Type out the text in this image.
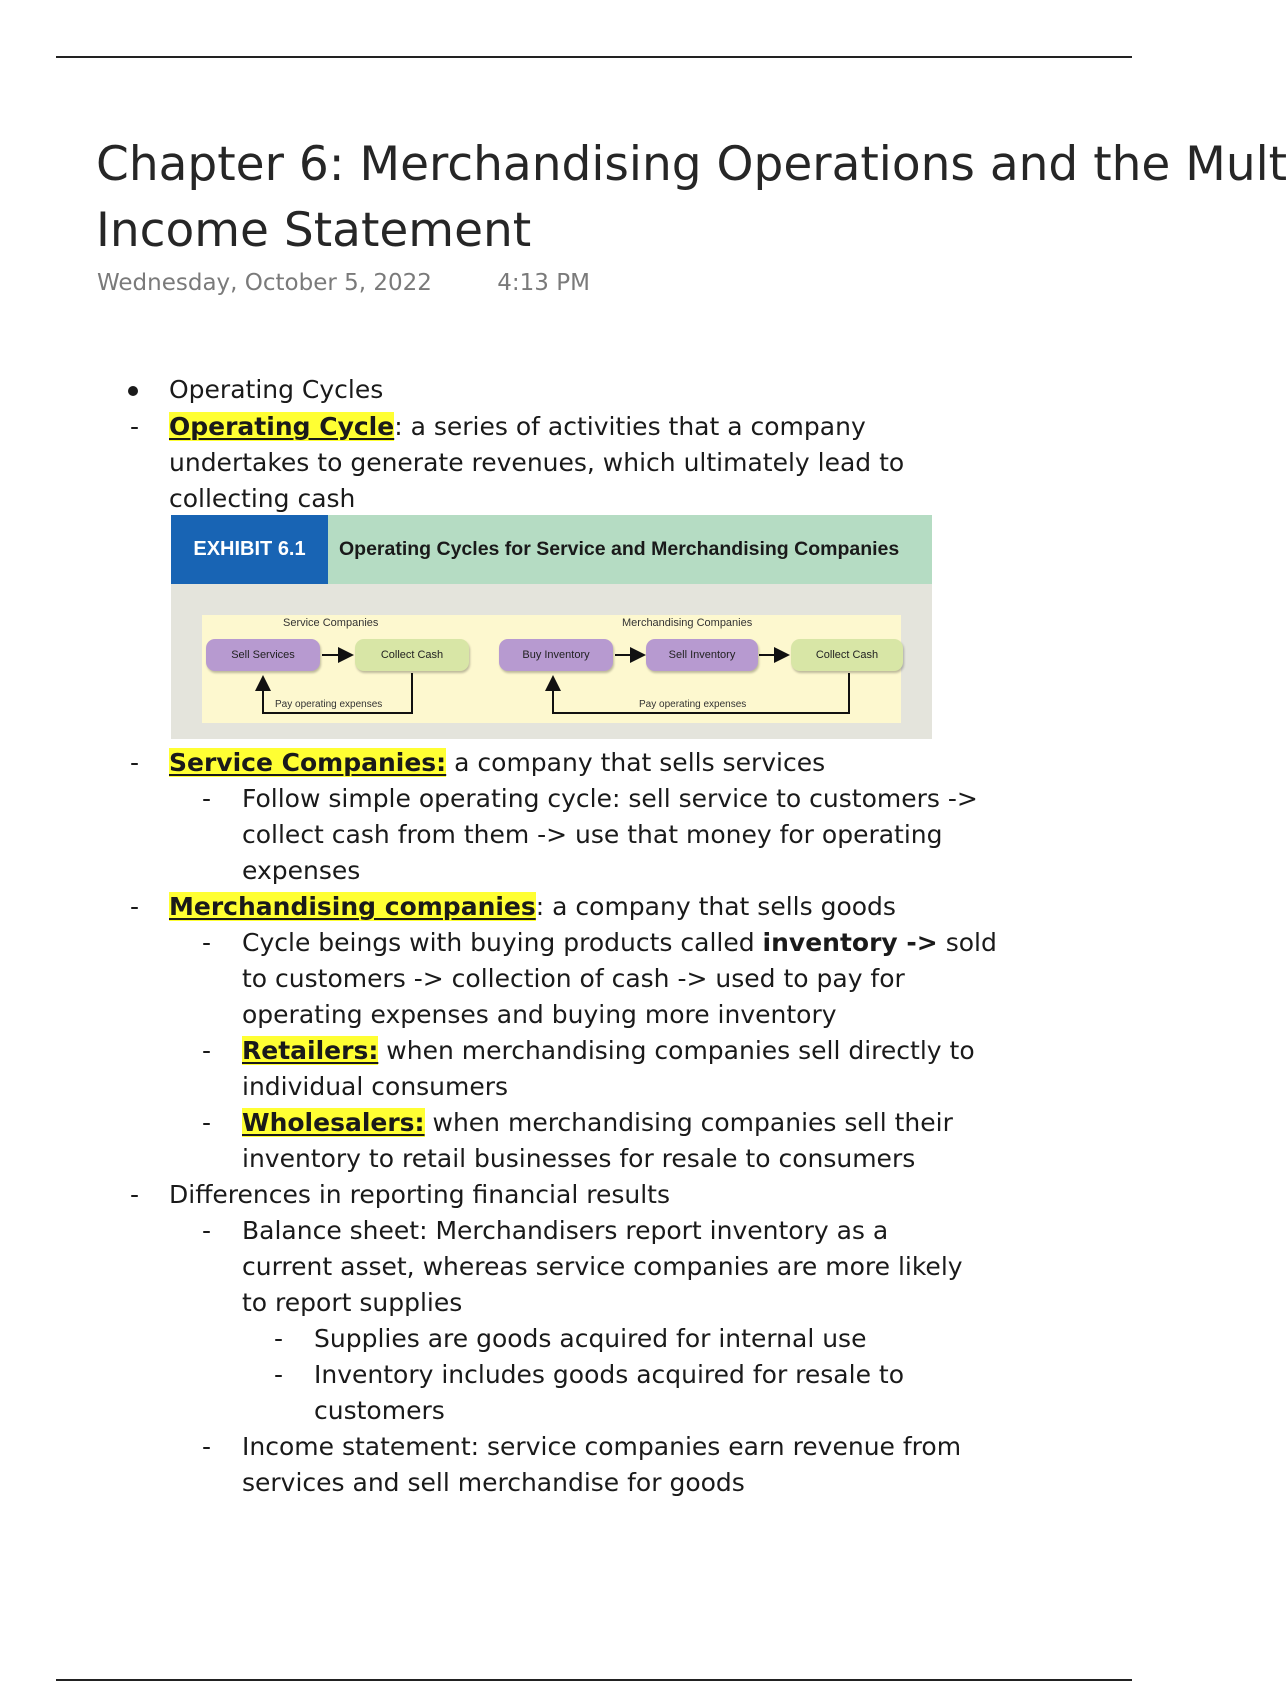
Chapter 6: Merchandising Operations and the Mult
Income Statement
Wednesday, October 5, 2022	4:13 PM
Operating Cycles
- Operating Cycle: a series of activities that a company
undertakes to generate revenues, which ultimately lead to
collecting cash
EXHIBIT 6.1	Operating Cycles for Service and Merchandising Companies
Service Companies	Merchandising Companies
Sell Services	Collect Cash	Buy Inventory	Sell Inventory	Collect Cash
Pay operating expenses	Pay operating expenses
- Service Companies: a company that sells services
- Follow simple operating cycle: sell service to customers ->
collect cash from them -> use that money for operating
expenses
- Merchandising companies: a company that sells goods
- Cycle beings with buying products called inventory -> sold
to customers -> collection of cash -> used to pay for
operating expenses and buying more inventory
- Retailers: when merchandising companies sell directly to
individual consumers
- Wholesalers: when merchandising companies sell their
inventory to retail businesses for resale to consumers
- Differences in reporting financial results
- Balance sheet: Merchandisers report inventory as a
current asset, whereas service companies are more likely
to report supplies
- Supplies are goods acquired for internal use
- Inventory includes goods acquired for resale to
customers
- Income statement: service companies earn revenue from
services and sell merchandise for goods
